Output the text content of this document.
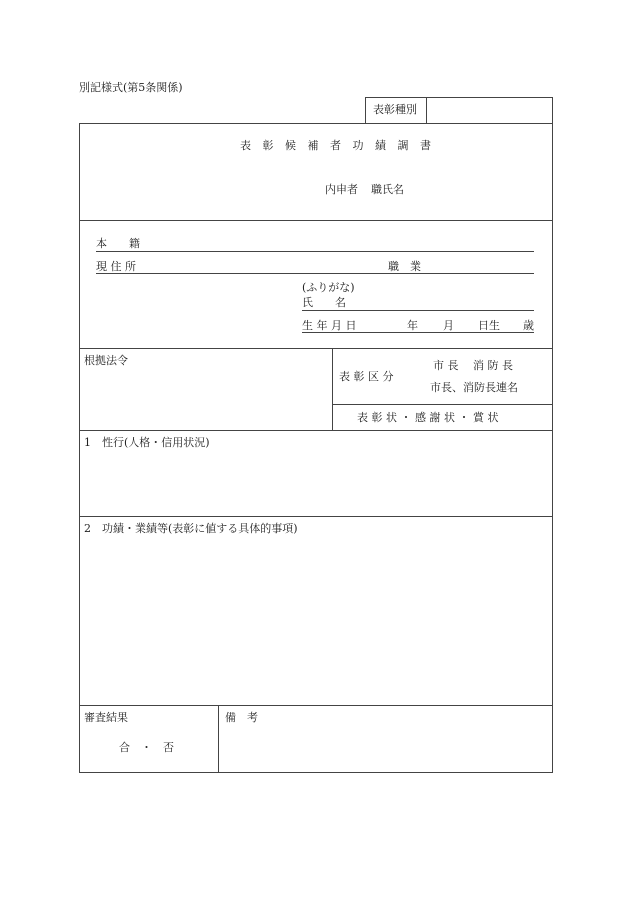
別記様式(第5条関係)
表彰種別
表 彰 候 補 者 功 績 調 書
内申者 職氏名
本　　籍
現 住 所	職　業
(ふりがな)
氏　　名
生 年 月 日	年 月 日生 歳
根拠法令
表 彰 区 分
市 長　 消 防 長
市長、消防長連名
表 彰 状 ・ 感 謝 状 ・ 賞 状
1　性行(人格・信用状況)
2　功績・業績等(表彰に値する具体的事項)
審査結果
合　・　否
備　考
